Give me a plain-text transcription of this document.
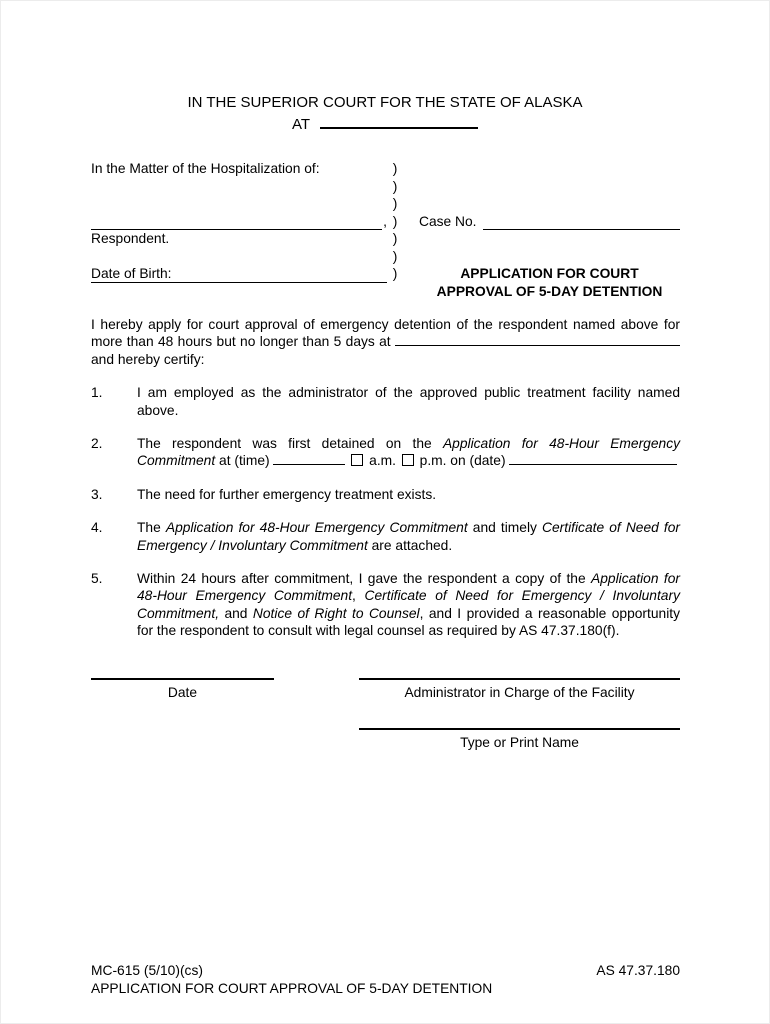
IN THE SUPERIOR COURT FOR THE STATE OF ALASKA
AT
In the Matter of the Hospitalization of:	)
)
)
, )	Case No.
Respondent.	)
)
Date of Birth:	)	APPLICATION FOR COURT
APPROVAL OF 5-DAY DETENTION
I hereby apply for court approval of emergency detention of the respondent named above for more than 48 hours but no longer than 5 days at  and hereby certify:
1.	I am employed as the administrator of the approved public treatment facility named above.
2.	The respondent was first detained on the Application for 48-Hour Emergency Commitment at (time)	a.m.  p.m. on (date)
3.	The need for further emergency treatment exists.
4.	The Application for 48-Hour Emergency Commitment and timely Certificate of Need for Emergency / Involuntary Commitment are attached.
5.	Within 24 hours after commitment, I gave the respondent a copy of the Application for 48-Hour Emergency Commitment, Certificate of Need for Emergency / Involuntary Commitment, and Notice of Right to Counsel, and I provided a reasonable opportunity for the respondent to consult with legal counsel as required by AS 47.37.180(f).
Date	Administrator in Charge of the Facility
Type or Print Name
MC-615 (5/10)(cs)	AS 47.37.180
APPLICATION FOR COURT APPROVAL OF 5-DAY DETENTION
